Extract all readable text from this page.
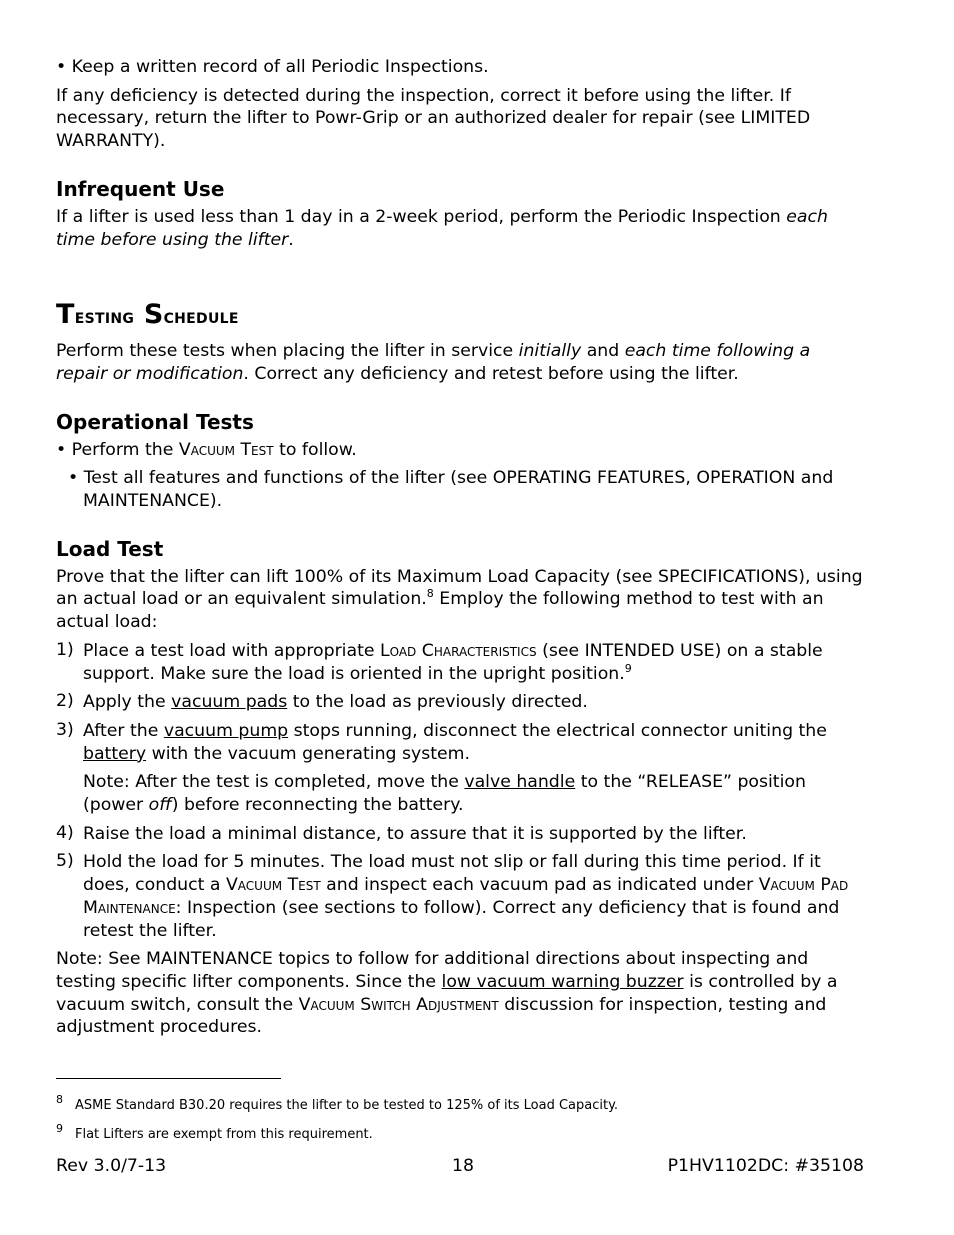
• Keep a written record of all Periodic Inspections.

If any deficiency is detected during the inspection, correct it before using the lifter. If necessary, return the lifter to Powr-Grip or an authorized dealer for repair (see LIMITED WARRANTY).

Infrequent Use

If a lifter is used less than 1 day in a 2-week period, perform the Periodic Inspection each time before using the lifter.

TESTING SCHEDULE

Perform these tests when placing the lifter in service initially and each time following a repair or modification. Correct any deficiency and retest before using the lifter.

Operational Tests

• Perform the Vacuum Test to follow.

• Test all features and functions of the lifter (see OPERATING FEATURES, OPERATION and MAINTENANCE).

Load Test

Prove that the lifter can lift 100% of its Maximum Load Capacity (see SPECIFICATIONS), using an actual load or an equivalent simulation.$^8$ Employ the following method to test with an actual load:

1) Place a test load with appropriate Load Characteristics (see INTENDED USE) on a stable support. Make sure the load is oriented in the upright position.$^9$
2) Apply the vacuum pads to the load as previously directed.
3) After the vacuum pump stops running, disconnect the electrical connector uniting the battery with the vacuum generating system.

Note: After the test is completed, move the valve handle to the “RELEASE” position (power off) before reconnecting the battery.

4) Raise the load a minimal distance, to assure that it is supported by the lifter.
5) Hold the load for 5 minutes. The load must not slip or fall during this time period. If it does, conduct a Vacuum Test and inspect each vacuum pad as indicated under Vacuum Pad Maintenance: Inspection (see sections to follow). Correct any deficiency that is found and retest the lifter.

Note: See MAINTENANCE topics to follow for additional directions about inspecting and testing specific lifter components. Since the low vacuum warning buzzer is controlled by a vacuum switch, consult the Vacuum Switch Adjustment discussion for inspection, testing and adjustment procedures.

$^8$ ASME Standard B30.20 requires the lifter to be tested to 125% of its Load Capacity.

$^9$ Flat Lifters are exempt from this requirement.

Rev 3.0/7-13	18	P1HV1102DC: #35108
